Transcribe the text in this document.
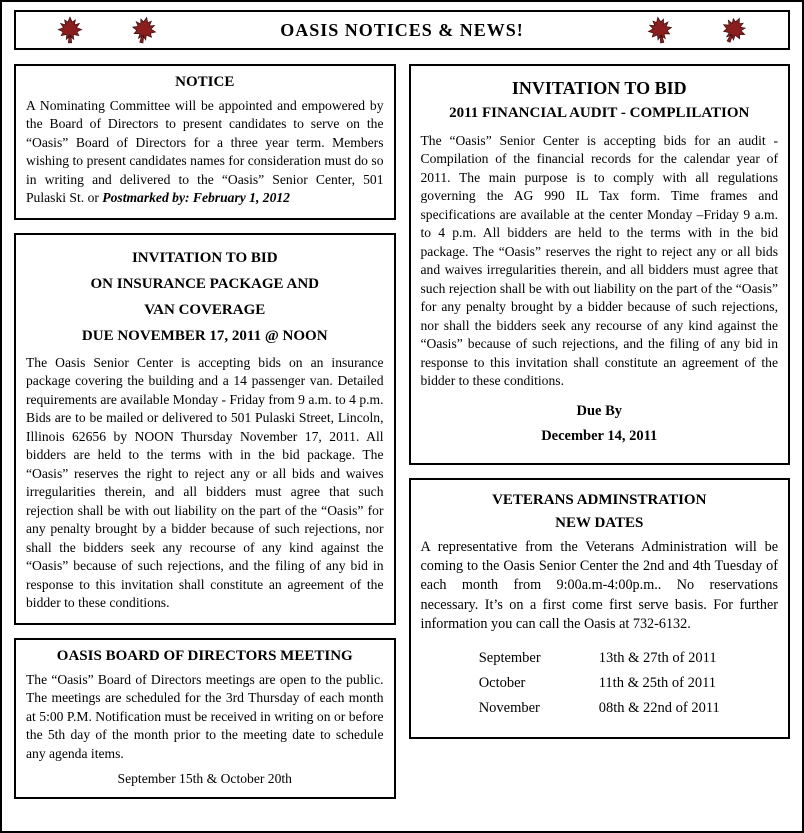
OASIS NOTICES & NEWS!
NOTICE

A Nominating Committee will be appointed and empowered by the Board of Directors to present candidates to serve on the “Oasis” Board of Directors for a three year term. Members wishing to present candidates names for consideration must do so in writing and delivered to the “Oasis” Senior Center, 501 Pulaski St. or Postmarked by: February 1, 2012

INVITATION TO BID
ON INSURANCE PACKAGE AND
VAN COVERAGE
DUE NOVEMBER 17, 2011 @ NOON

The Oasis Senior Center is accepting bids on an insurance package covering the building and a 14 passenger van. Detailed requirements are available Monday - Friday from 9 a.m. to 4 p.m. Bids are to be mailed or delivered to 501 Pulaski Street, Lincoln, Illinois 62656 by NOON Thursday November 17, 2011. All bidders are held to the terms with in the bid package. The “Oasis” reserves the right to reject any or all bids and waives irregularities therein, and all bidders must agree that such rejection shall be with out liability on the part of the “Oasis” for any penalty brought by a bidder because of such rejections, nor shall the bidders seek any recourse of any kind against the “Oasis” because of such rejections, and the filing of any bid in response to this invitation shall constitute an agreement of the bidder to these conditions.

OASIS BOARD OF DIRECTORS MEETING

The “Oasis” Board of Directors meetings are open to the public. The meetings are scheduled for the 3rd Thursday of each month at 5:00 P.M. Notification must be received in writing on or before the 5th day of the month prior to the meeting date to schedule any agenda items.

September 15th & October 20th
INVITATION TO BID
2011 FINANCIAL AUDIT - COMPLILATION

The “Oasis” Senior Center is accepting bids for an audit - Compilation of the financial records for the calendar year of 2011. The main purpose is to comply with all regulations governing the AG 990 IL Tax form. Time frames and specifications are available at the center Monday –Friday 9 a.m. to 4 p.m. All bidders are held to the terms with in the bid package. The “Oasis” reserves the right to reject any or all bids and waives irregularities therein, and all bidders must agree that such rejection shall be with out liability on the part of the “Oasis” for any penalty brought by a bidder because of such rejections, nor shall the bidders seek any recourse of any kind against the “Oasis” because of such rejections, and the filing of any bid in response to this invitation shall constitute an agreement of the bidder to these conditions.

Due By
December 14, 2011
VETERANS ADMINSTRATION
NEW DATES

A representative from the Veterans Administration will be coming to the Oasis Senior Center the 2nd and 4th Tuesday of each month from 9:00a.m-4:00p.m.. No reservations necessary. It’s on a first come first serve basis. For further information you can call the Oasis at 732-6132.

September	13th & 27th of 2011
October	11th & 25th of 2011
November	08th & 22nd of 2011
